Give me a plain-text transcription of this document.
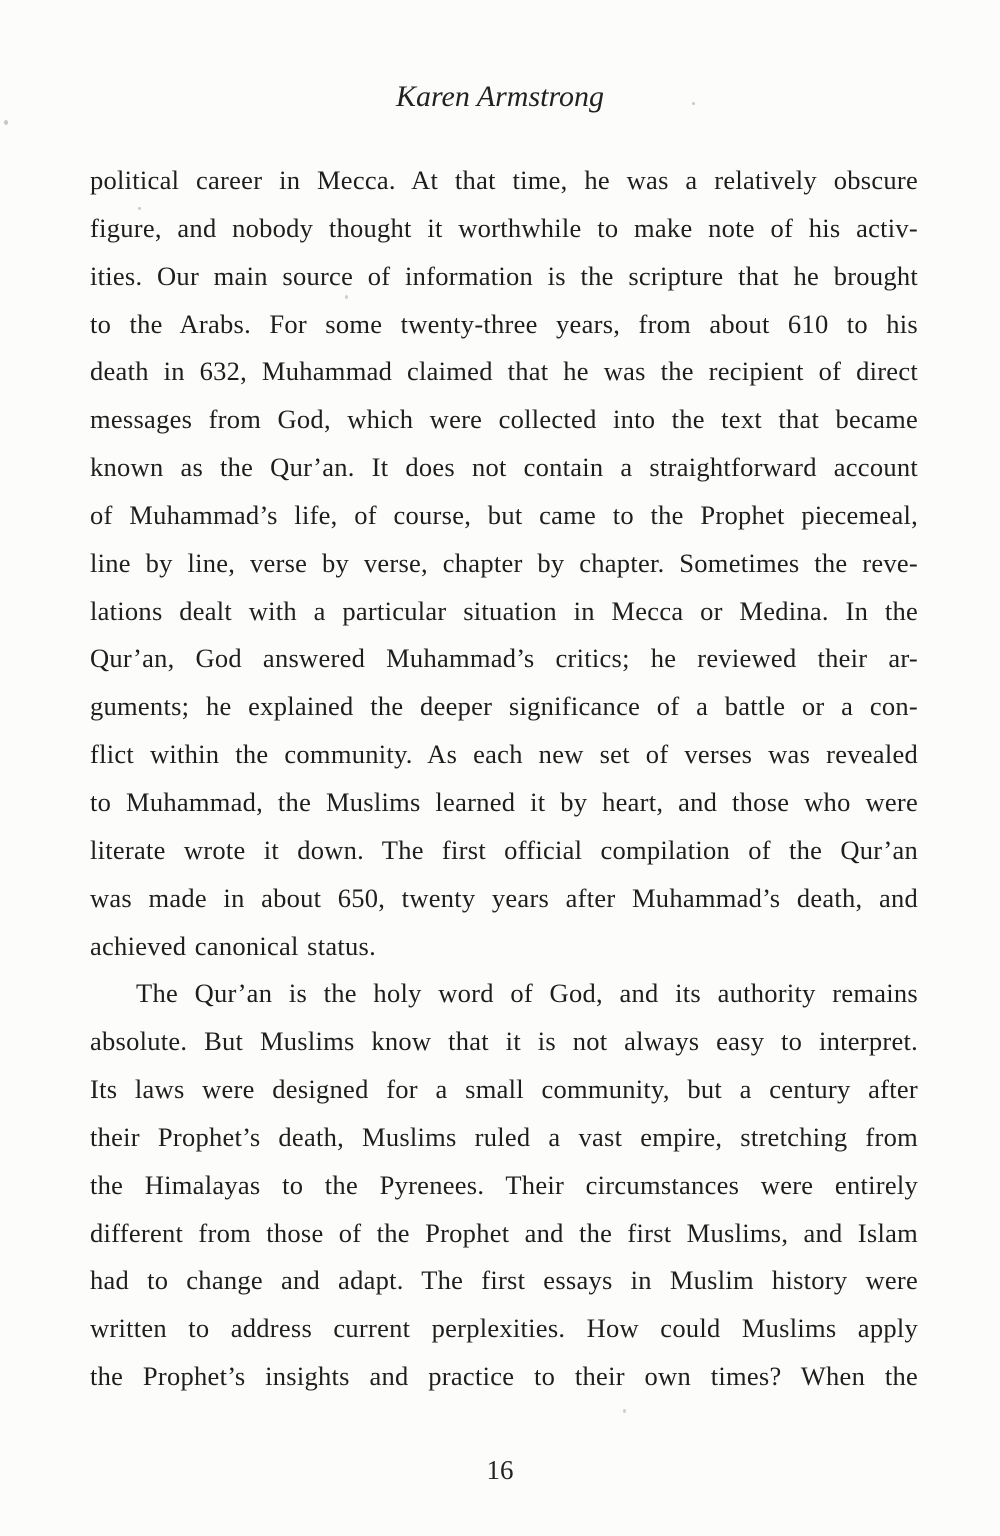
Karen Armstrong
political career in Mecca. At that time, he was a relatively obscure
figure, and nobody thought it worthwhile to make note of his activ-
ities. Our main source of information is the scripture that he brought
to the Arabs. For some twenty-three years, from about 610 to his
death in 632, Muhammad claimed that he was the recipient of direct
messages from God, which were collected into the text that became
known as the Qur’an. It does not contain a straightforward account
of Muhammad’s life, of course, but came to the Prophet piecemeal,
line by line, verse by verse, chapter by chapter. Sometimes the reve-
lations dealt with a particular situation in Mecca or Medina. In the
Qur’an, God answered Muhammad’s critics; he reviewed their ar-
guments; he explained the deeper significance of a battle or a con-
flict within the community. As each new set of verses was revealed
to Muhammad, the Muslims learned it by heart, and those who were
literate wrote it down. The first official compilation of the Qur’an
was made in about 650, twenty years after Muhammad’s death, and
achieved canonical status.
The Qur’an is the holy word of God, and its authority remains
absolute. But Muslims know that it is not always easy to interpret.
Its laws were designed for a small community, but a century after
their Prophet’s death, Muslims ruled a vast empire, stretching from
the Himalayas to the Pyrenees. Their circumstances were entirely
different from those of the Prophet and the first Muslims, and Islam
had to change and adapt. The first essays in Muslim history were
written to address current perplexities. How could Muslims apply
the Prophet’s insights and practice to their own times? When the
16
